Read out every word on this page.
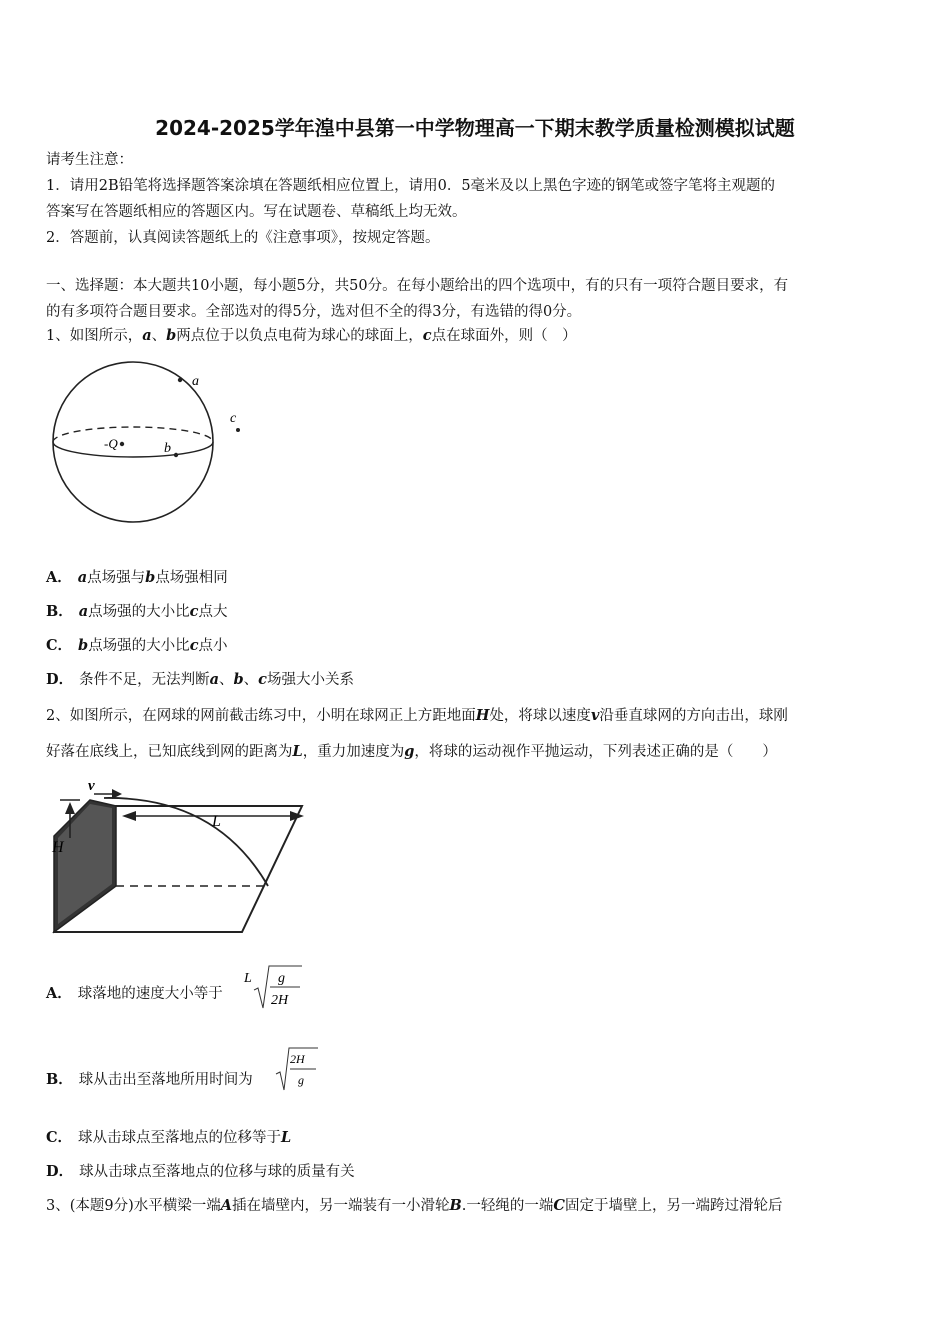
2024-2025学年湟中县第一中学物理高一下期末教学质量检测模拟试题
请考生注意：
1．请用2B铅笔将选择题答案涂填在答题纸相应位置上，请用0．5毫米及以上黑色字迹的钢笔或签字笔将主观题的
答案写在答题纸相应的答题区内。写在试题卷、草稿纸上均无效。
2．答题前，认真阅读答题纸上的《注意事项》，按规定答题。
一、选择题：本大题共10小题，每小题5分，共50分。在每小题给出的四个选项中，有的只有一项符合题目要求，有
的有多项符合题目要求。全部选对的得5分，选对但不全的得3分，有选错的得0分。
1、如图所示，a、b两点位于以负点电荷为球心的球面上，c点在球面外，则（　）
a
-Q	b
c
A． a点场强与b点场强相同
B． a点场强的大小比c点大
C． b点场强的大小比c点小
D． 条件不足，无法判断a、b、c场强大小关系
2、如图所示，在网球的网前截击练习中，小明在球网正上方距地面H处，将球以速度v沿垂直球网的方向击出，球刚
好落在底线上，已知底线到网的距离为L，重力加速度为g，将球的运动视作平抛运动，下列表述正确的是（　　）
L
v
H
A． 球落地的速度大小等于
L g
2H
B． 球从击出至落地所用时间为
2H
g
C． 球从击球点至落地点的位移等于L
D． 球从击球点至落地点的位移与球的质量有关
3、(本题9分)水平横梁一端A插在墙壁内，另一端装有一小滑轮B.一轻绳的一端C固定于墙壁上，另一端跨过滑轮后
